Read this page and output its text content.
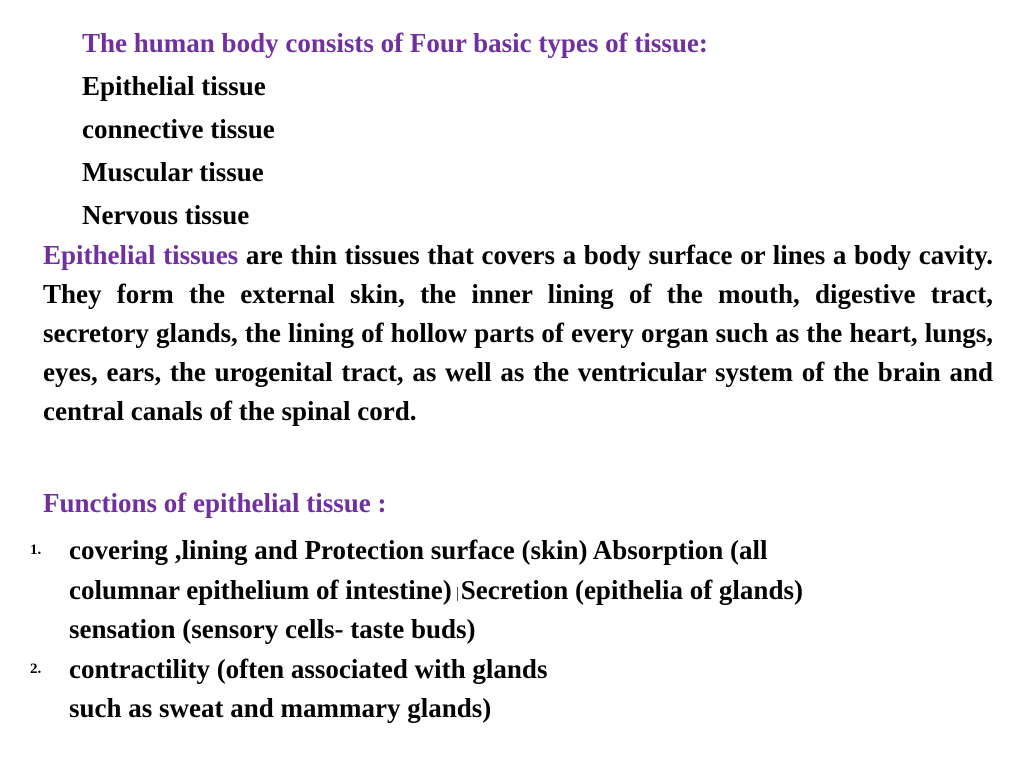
The human body consists of Four basic types of tissue:
Epithelial tissue
connective tissue
Muscular tissue
Nervous tissue
Epithelial tissues are thin tissues that covers a body surface or lines a body cavity. They form the external skin, the inner lining of the mouth, digestive tract, secretory glands, the lining of hollow parts of every organ such as the heart, lungs, eyes, ears, the urogenital tract, as well as the ventricular system of the brain and central canals of the spinal cord.
Functions of epithelial tissue :
1. covering ,lining and Protection surface (skin) Absorption (all
columnar epithelium of intestine) Secretion (epithelia of glands)
sensation (sensory cells- taste buds)
2. contractility (often associated with glands
such as sweat and mammary glands)
